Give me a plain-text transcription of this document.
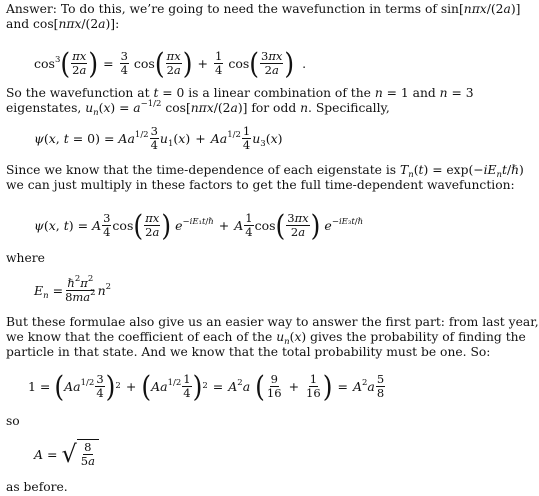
Answer: To do this, we’re going to need the wavefunction in terms of sin[nπx/(2a)]
and cos[nπx/(2a)]:
$\cos^3$ ( $\frac{\pi x}{2a}$ ) = $\frac{3}{4}$ cos ( $\frac{\pi x}{2a}$ ) + $\frac{1}{4}$ cos ( $\frac{3\pi x}{2a}$ ) .
So the wavefunction at t = 0 is a linear combination of the n = 1 and n = 3
eigenstates, $u_n(x) = a^{-1/2}$ cos[nπx/(2a)] for odd n. Specifically,
ψ (x, $t = 0) = Aa^{1/2} \frac{3}{4} u_1(x) + Aa^{1/2} \frac{1}{4} u_3(x)$
Since we know that the time-dependence of each eigenstate is $T_n(t)$ = $\exp(-iE_nt/\hbar)$
we can just multiply in these factors to get the full time-dependent wavefunction:
ψ (x, t) = A $\frac{3}{4}$ cos ( $\frac{\pi x}{2a}$ ) $e^{-iE_1t/\hbar} + A \frac{1}{4}$ cos ( $\frac{3\pi x}{2a}$ ) $e^{-iE_3t/\hbar}$
where
$E_n = \frac{\hbar^2\pi^2}{8ma^2} n^2$
But these formulae also give us an easier way to answer the first part: from last year,
we know that the coefficient of each of the $u_n(x)$ gives the probability of finding the
particle in that state. And we know that the total probability must be one. So:
1 = ( $Aa^{1/2} \frac{3}{4}$ ) 2 + ( $Aa^{1/2} \frac{1}{4}$ ) $2 = A^2a$ ( $\frac{9}{16} + \frac{1}{16}$ ) = $A^2a \frac{5}{8}$
so
A = √ $\frac{8}{5a}$
as before.
